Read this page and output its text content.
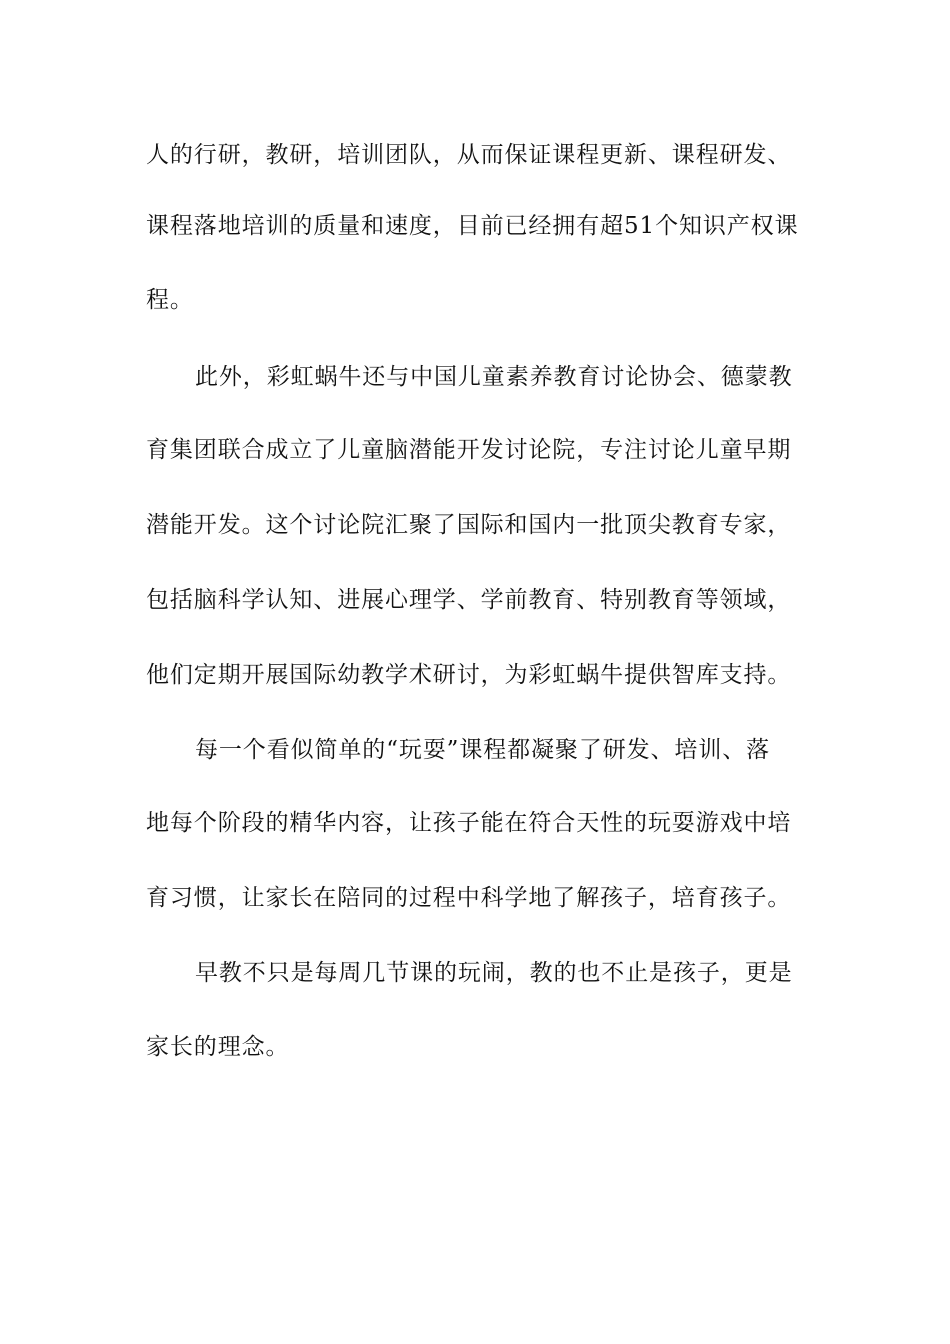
人的行研，教研，培训团队，从而保证课程更新、课程研发、
课程落地培训的质量和速度，目前已经拥有超51个知识产权课
程。
此外，彩虹蜗牛还与中国儿童素养教育讨论协会、德蒙教
育集团联合成立了儿童脑潜能开发讨论院，专注讨论儿童早期
潜能开发。这个讨论院汇聚了国际和国内一批顶尖教育专家，
包括脑科学认知、进展心理学、学前教育、特别教育等领域，
他们定期开展国际幼教学术研讨，为彩虹蜗牛提供智库支持。
每一个看似简单的“玩耍”课程都凝聚了研发、培训、落
地每个阶段的精华内容，让孩子能在符合天性的玩耍游戏中培
育习惯，让家长在陪同的过程中科学地了解孩子，培育孩子。
早教不只是每周几节课的玩闹，教的也不止是孩子，更是
家长的理念。
